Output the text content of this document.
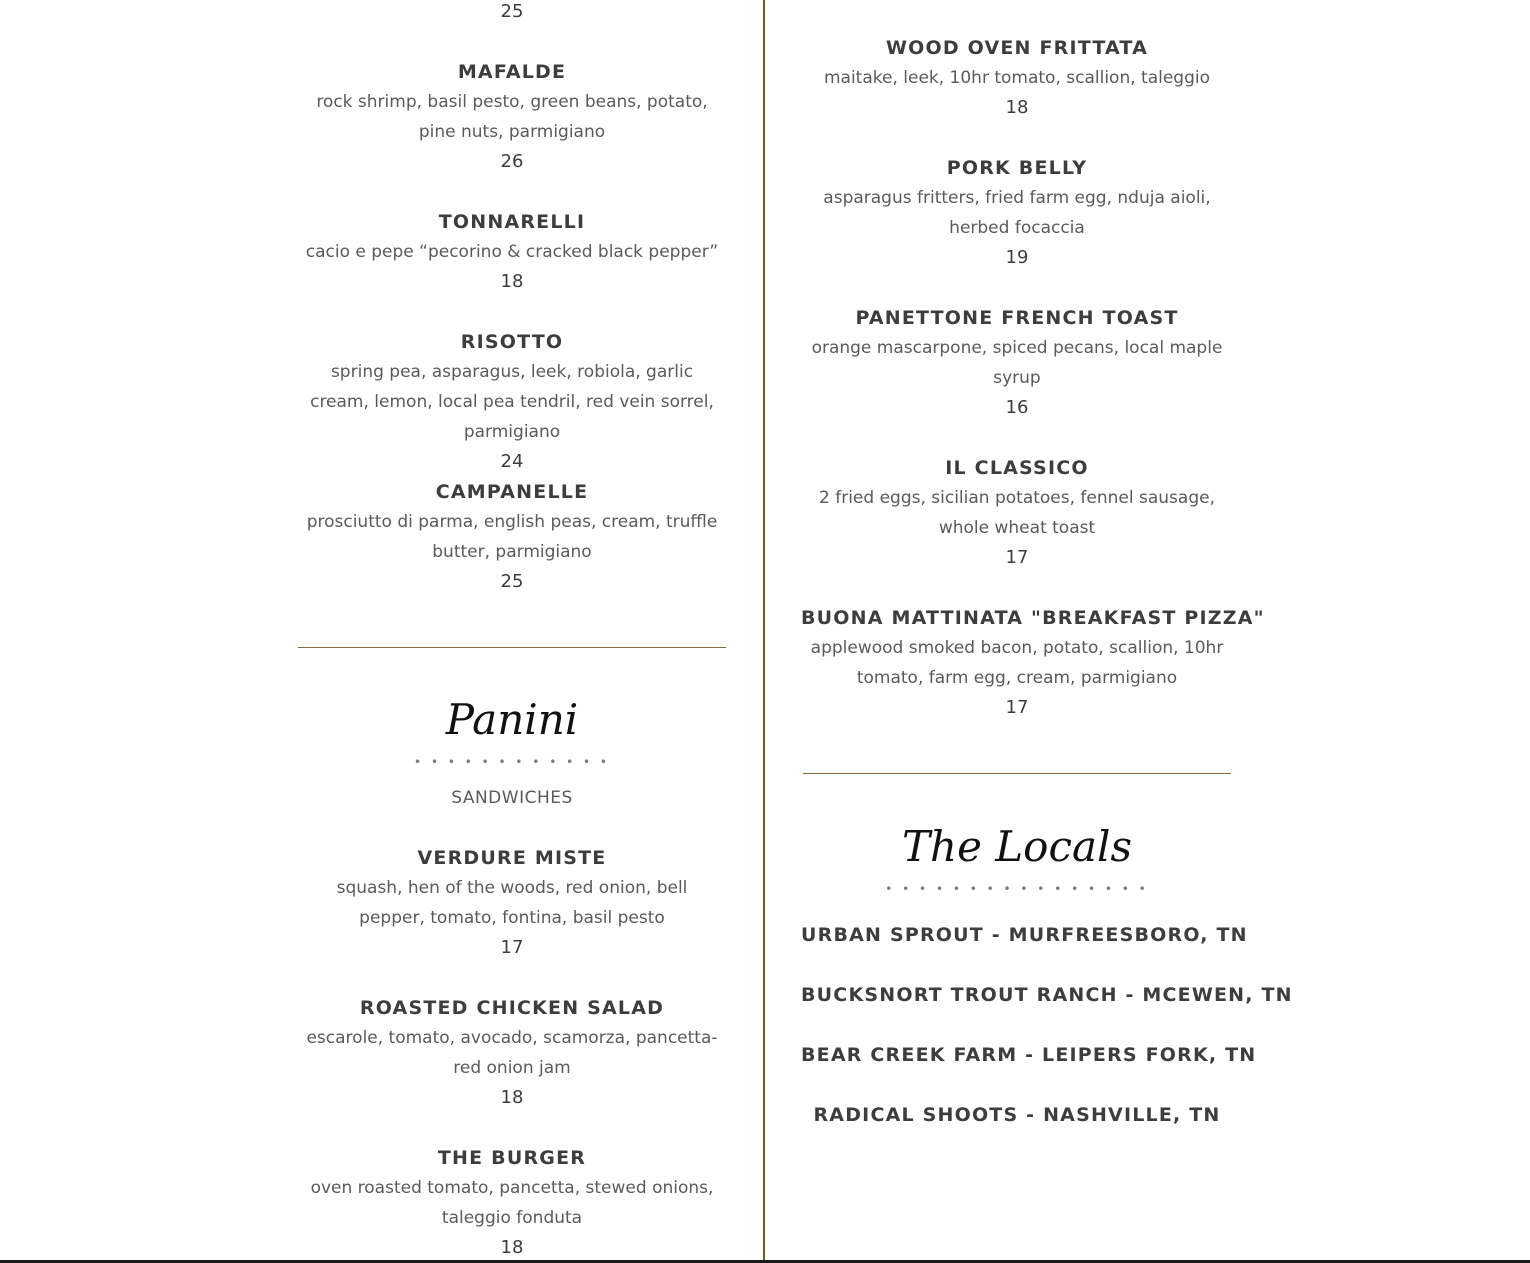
25
MAFALDE
rock shrimp, basil pesto, green beans, potato, pine nuts, parmigiano
26
TONNARELLI
cacio e pepe “pecorino & cracked black pepper”
18
RISOTTO
spring pea, asparagus, leek, robiola, garlic cream, lemon, local pea tendril, red vein sorrel, parmigiano
24
CAMPANELLE
prosciutto di parma, english peas, cream, truffle butter, parmigiano
25
Panini
• • • • • • • • • • • •
SANDWICHES
VERDURE MISTE
squash, hen of the woods, red onion, bell pepper, tomato, fontina, basil pesto
17
ROASTED CHICKEN SALAD
escarole, tomato, avocado, scamorza, pancetta-red onion jam
18
THE BURGER
oven roasted tomato, pancetta, stewed onions, taleggio fonduta
18
WOOD OVEN FRITTATA
maitake, leek, 10hr tomato, scallion, taleggio
18
PORK BELLY
asparagus fritters, fried farm egg, nduja aioli, herbed focaccia
19
PANETTONE FRENCH TOAST
orange mascarpone, spiced pecans, local maple syrup
16
IL CLASSICO
2 fried eggs, sicilian potatoes, fennel sausage, whole wheat toast
17
BUONA MATTINATA "BREAKFAST PIZZA"
applewood smoked bacon, potato, scallion, 10hr tomato, farm egg, cream, parmigiano
17
The Locals
• • • • • • • • • • • • • • • •
URBAN SPROUT - MURFREESBORO, TN
BUCKSNORT TROUT RANCH - MCEWEN, TN
BEAR CREEK FARM - LEIPERS FORK, TN
RADICAL SHOOTS - NASHVILLE, TN
